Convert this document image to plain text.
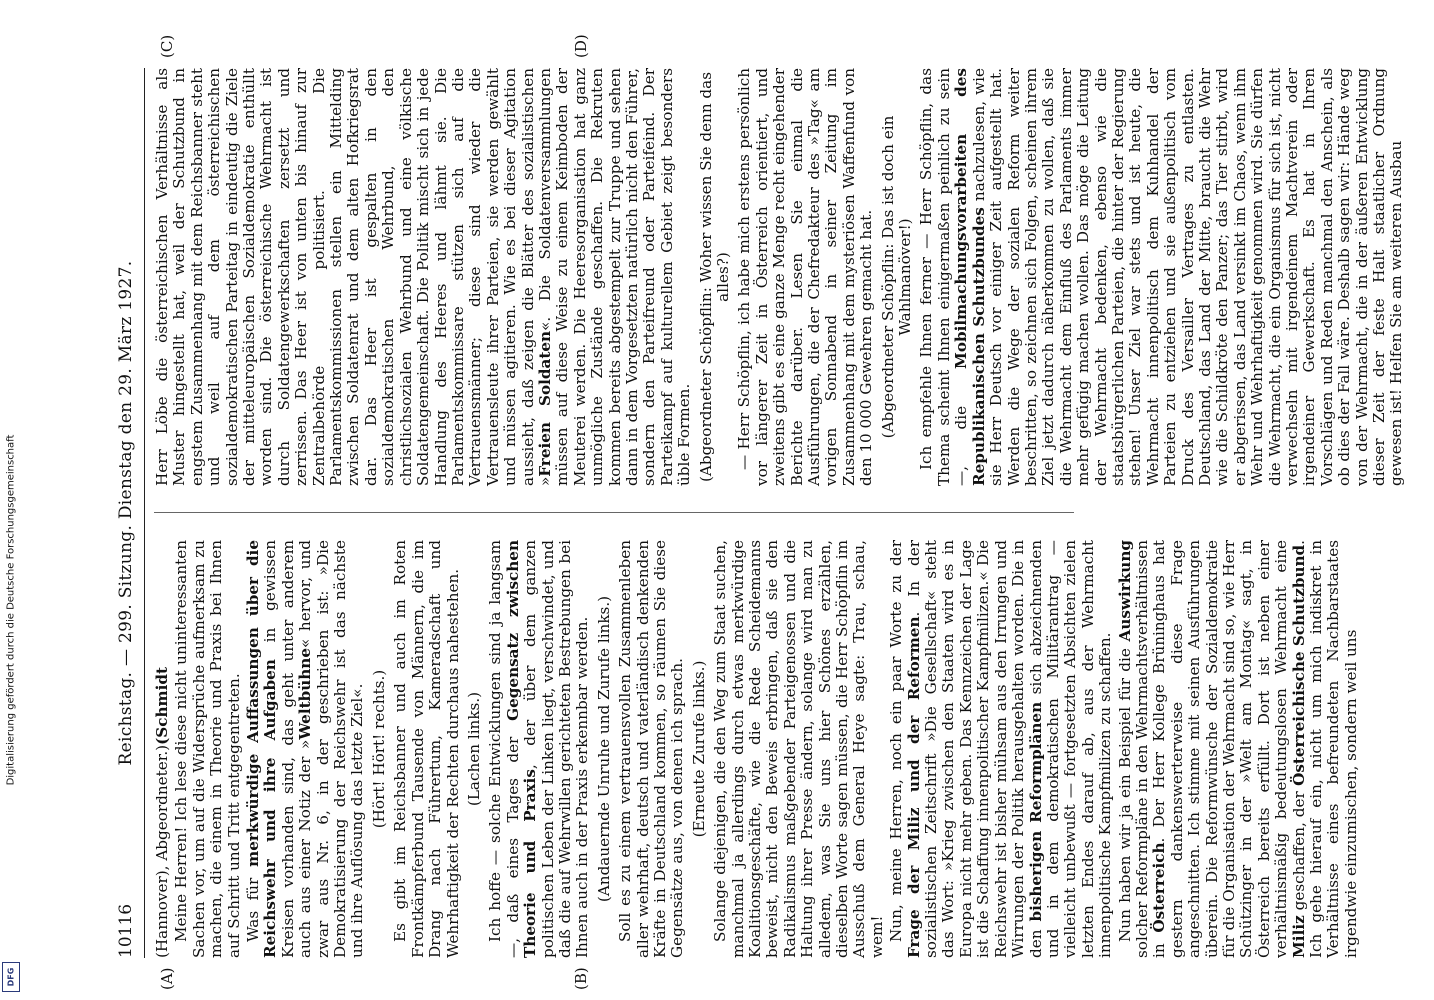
Digitalisierung gefördert durch die Deutsche Forschungsgemeinschaft
DFG
10116
Reichstag. — 299. Sitzung. Dienstag den 29. März 1927.
(A)	(B)
(C)	(D)

(Hannover), Abgeordneter.)(Schmidt Meine Herren! Ich lese diese nicht uninteressanten Sachen vor, um auf die Widersprüche aufmerksam zu machen, die einem in Theorie und Praxis bei Ihnen auf Schritt und Tritt entgegentreten. Was für merkwürdige Auffassungen über die Reichswehr und ihre Aufgaben in gewissen Kreisen vorhanden sind, das geht unter anderem auch aus einer Notiz der »Weltbühne« hervor, und zwar aus Nr. 6, in der geschrieben ist: »Die Demokratisierung der Reichswehr ist das nächste und ihre Auflösung das letzte Ziel«. (Hört! Hört! rechts.) Es gibt im Reichsbanner und auch im Roten Frontkämpferbund Tausende von Männern, die im Drang nach Führertum, Kameradschaft und Wehrhaftigkeit der Rechten durchaus nahestehen. (Lachen links.) Ich hoffe — solche Entwicklungen sind ja langsam —, daß eines Tages der Gegensatz zwischen Theorie und Praxis, der über dem ganzen politischen Leben der Linken liegt, verschwindet, und daß die auf Wehrwillen gerichteten Bestrebungen bei Ihnen auch in der Praxis erkennbar werden. (Andauernde Unruhe und Zurufe links.) Soll es zu einem vertrauensvollen Zusammenleben aller wehrhaft, deutsch und vaterländisch denkenden Kräfte in Deutschland kommen, so räumen Sie diese Gegensätze aus, von denen ich sprach. (Erneute Zurufe links.) Solange diejenigen, die den Weg zum Staat suchen, manchmal ja allerdings durch etwas merkwürdige Koalitionsgeschäfte, wie die Rede Scheidemanns beweist, nicht den Beweis erbringen, daß sie den Radikalismus maßgebender Parteigenossen und die Haltung ihrer Presse ändern, solange wird man zu alledem, was Sie uns hier Schönes erzählen, dieselben Worte sagen müssen, die Herr Schöpflin im Ausschuß dem General Heye sagte: Trau, schau, wem! Nun, meine Herren, noch ein paar Worte zu der Frage der Miliz und der Reformen. In der sozialistischen Zeitschrift »Die Gesellschaft« steht das Wort: »Krieg zwischen den Staaten wird es in Europa nicht mehr geben. Das Kennzeichen der Lage ist die Schaffung innenpolitischer Kampfmilizen.« Die Reichswehr ist bisher mühsam aus den Irrungen und Wirrungen der Politik herausgehalten worden. Die in den bisherigen Reformplänen sich abzeichnenden und in dem demokratischen Militärantrag — vielleicht unbewußt — fortgesetzten Absichten zielen letzten Endes darauf ab, aus der Wehrmacht innenpolitische Kampfmilizen zu schaffen. Nun haben wir ja ein Beispiel für die Auswirkung solcher Reformpläne in den Wehrmachtsverhältnissen in Österreich. Der Herr Kollege Brüninghaus hat gestern dankenswerterweise diese Frage angeschnitten. Ich stimme mit seinen Ausführungen überein. Die Reformwünsche der Sozialdemokratie für die Organisation der Wehrmacht sind so, wie Herr Schützinger in der »Welt am Montag« sagt, in Österreich bereits erfüllt. Dort ist neben einer verhältnismäßig bedeutungslosen Wehrmacht eine Miliz geschaffen, der Österreichische Schutzbund. Ich gehe hierauf ein, nicht um mich indiskret in Verhältnisse eines befreundeten Nachbarstaates irgendwie einzumischen, sondern weil uns

Herr Löbe die österreichischen Verhältnisse als Muster hingestellt hat, weil der Schutzbund in engstem Zusammenhang mit dem Reichsbanner steht und weil auf dem österreichischen sozialdemokratischen Parteitag in eindeutig die Ziele der mitteleuropäischen Sozialdemokratie enthüllt worden sind. Die österreichische Wehrmacht ist durch Soldatengewerkschaften zersetzt und zerrissen. Das Heer ist von unten bis hinauf zur Zentralbehörde politisiert. Die Parlamentskommissionen stellen ein Mittelding zwischen Soldatenrat und dem alten Hofkriegsrat dar. Das Heer ist gespalten in den sozialdemokratischen Wehrbund, den christlichsozialen Wehrbund und eine völkische Soldatengemeinschaft. Die Politik mischt sich in jede Handlung des Heeres und lähmt sie. Die Parlamentskommissare stützen sich auf die Vertrauensmänner; diese sind wieder die Vertrauensleute ihrer Parteien, sie werden gewählt und müssen agitieren. Wie es bei dieser Agitation aussieht, daß zeigen die Blätter des sozialistischen »Freien Soldaten«. Die Soldatenversammlungen müssen auf diese Weise zu einem Keimboden der Meuterei werden. Die Heeresorganisation hat ganz unmögliche Zustände geschaffen. Die Rekruten kommen bereits abgestempelt zur Truppe und sehen dann in dem Vorgesetzten natürlich nicht den Führer, sondern den Parteifreund oder Parteifeind. Der Parteikampf auf kulturellem Gebiet zeigt besonders üble Formen. (Abgeordneter Schöpflin: Woher wissen Sie denn das alles?) — Herr Schöpflin, ich habe mich erstens persönlich vor längerer Zeit in Österreich orientiert, und zweitens gibt es eine ganze Menge recht eingehender Berichte darüber. Lesen Sie einmal die Ausführungen, die der Chefredakteur des »Tag« am vorigen Sonnabend in seiner Zeitung im Zusammenhang mit dem mysteriösen Waffenfund von den 10 000 Gewehren gemacht hat. (Abgeordneter Schöpflin: Das ist doch ein Wahlmanöver!) Ich empfehle Ihnen ferner — Herr Schöpflin, das Thema scheint Ihnen einigermaßen peinlich zu sein —, die Mobilmachungsvorarbeiten des Republikanischen Schutzbundes nachzulesen, wie sie Herr Deutsch vor einiger Zeit aufgestellt hat. Werden die Wege der sozialen Reform weiter beschritten, so zeichnen sich Folgen, scheinen ihrem Ziel jetzt dadurch näherkommen zu wollen, daß sie die Wehrmacht dem Einfluß des Parlaments immer mehr gefügig machen wollen. Das möge die Leitung der Wehrmacht bedenken, ebenso wie die staatsbürgerlichen Parteien, die hinter der Regierung stehen! Unser Ziel war stets und ist heute, die Wehrmacht innenpolitisch dem Kuhhandel der Parteien zu entziehen und sie außenpolitisch vom Druck des Versailler Vertrages zu entlasten. Deutschland, das Land der Mitte, braucht die Wehr wie die Schildkröte den Panzer; das Tier stirbt, wird er abgerissen, das Land versinkt im Chaos, wenn ihm Wehr und Wehrhaftigkeit genommen wird. Sie dürfen die Wehrmacht, die ein Organismus für sich ist, nicht verwechseln mit irgendeinem Machtverein oder irgendeiner Gewerkschaft. Es hat in Ihren Vorschlägen und Reden manchmal den Anschein, als ob dies der Fall wäre. Deshalb sagen wir: Hände weg von der Wehrmacht, die in der äußeren Entwicklung dieser Zeit der feste Halt staatlicher Ordnung gewesen ist! Helfen Sie am weiteren Ausbau
